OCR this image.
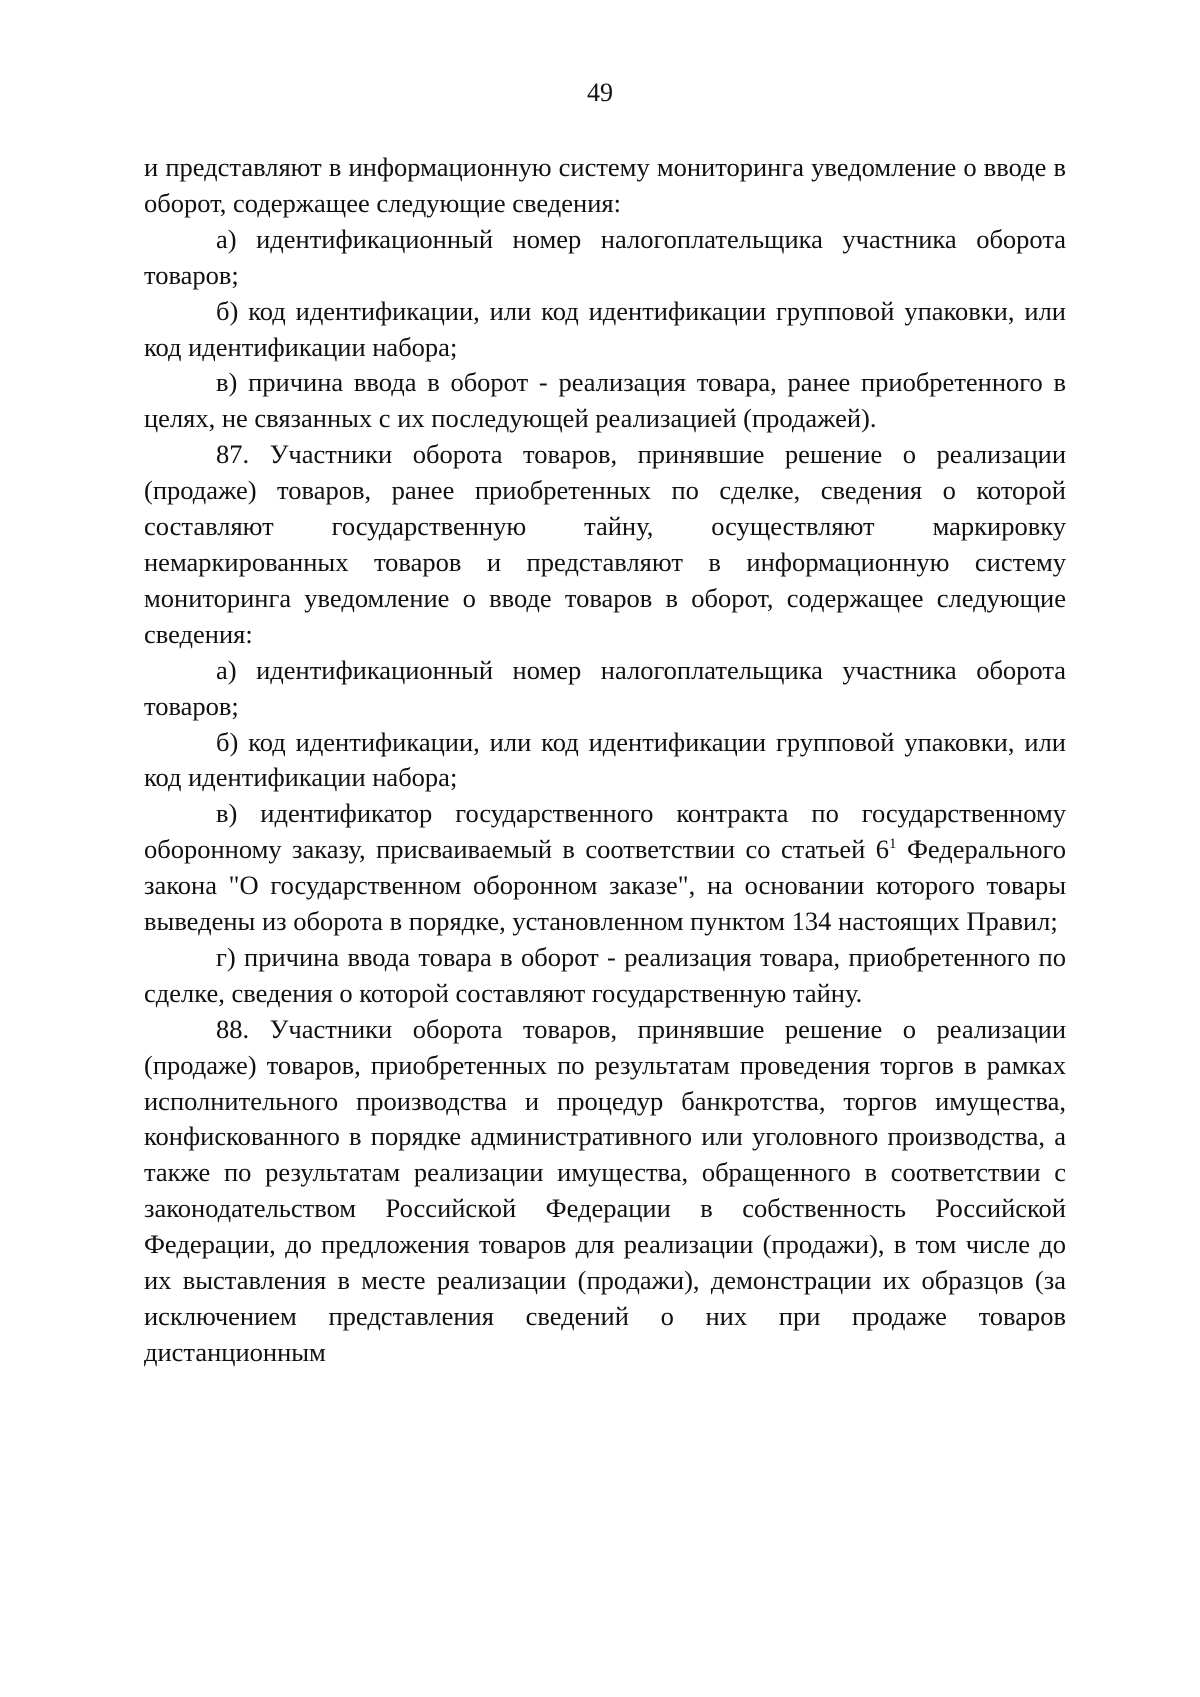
49

и представляют в информационную систему мониторинга уведомление о вводе в оборот, содержащее следующие сведения:

а) идентификационный номер налогоплательщика участника оборота товаров;

б) код идентификации, или код идентификации групповой упаковки, или код идентификации набора;

в) причина ввода в оборот - реализация товара, ранее приобретенного в целях, не связанных с их последующей реализацией (продажей).

87. Участники оборота товаров, принявшие решение о реализации (продаже) товаров, ранее приобретенных по сделке, сведения о которой составляют государственную тайну, осуществляют маркировку немаркированных товаров и представляют в информационную систему мониторинга уведомление о вводе товаров в оборот, содержащее следующие сведения:

а) идентификационный номер налогоплательщика участника оборота товаров;

б) код идентификации, или код идентификации групповой упаковки, или код идентификации набора;

в) идентификатор государственного контракта по государственному оборонному заказу, присваиваемый в соответствии со статьей $6^1$ Федерального закона "О государственном оборонном заказе", на основании которого товары выведены из оборота в порядке, установленном пунктом 134 настоящих Правил;

г) причина ввода товара в оборот - реализация товара, приобретенного по сделке, сведения о которой составляют государственную тайну.

88. Участники оборота товаров, принявшие решение о реализации (продаже) товаров, приобретенных по результатам проведения торгов в рамках исполнительного производства и процедур банкротства, торгов имущества, конфискованного в порядке административного или уголовного производства, а также по результатам реализации имущества, обращенного в соответствии с законодательством Российской Федерации в собственность Российской Федерации, до предложения товаров для реализации (продажи), в том числе до их выставления в месте реализации (продажи), демонстрации их образцов (за исключением представления сведений о них при продаже товаров дистанционным
